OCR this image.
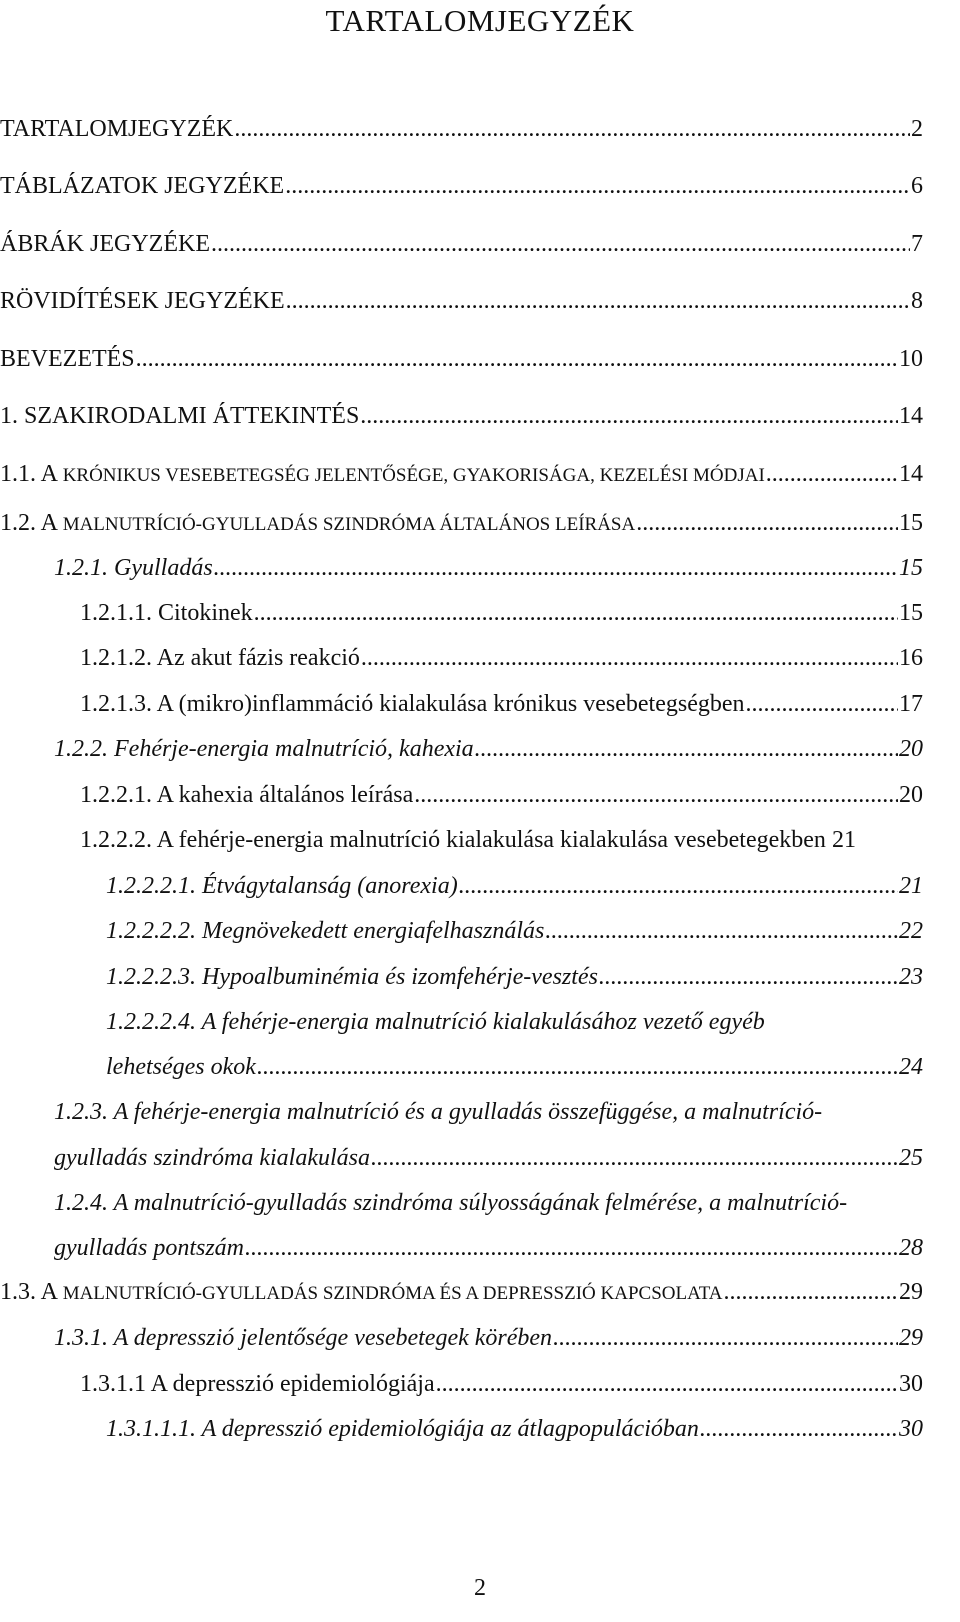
TARTALOMJEGYZÉK
TARTALOMJEGYZÉK .....	2
TÁBLÁZATOK JEGYZÉKE .....	6
ÁBRÁK JEGYZÉKE .....	7
RÖVIDÍTÉSEK JEGYZÉKE .....	8
BEVEZETÉS .....	10
1. SZAKIRODALMI ÁTTEKINTÉS .....	14
1.1. A KRÓNIKUS VESEBETEGSÉG JELENTŐSÉGE, GYAKORISÁGA, KEZELÉSI MÓDJAI .....	14
1.2. A MALNUTRÍCIÓ-GYULLADÁS SZINDRÓMA ÁLTALÁNOS LEÍRÁSA .....	15
1.2.1. Gyulladás .....	15
1.2.1.1. Citokinek .....	15
1.2.1.2. Az akut fázis reakció .....	16
1.2.1.3. A (mikro)inflammáció kialakulása krónikus vesebetegségben .....	17
1.2.2. Fehérje-energia malnutríció, kahexia .....	20
1.2.2.1. A kahexia általános leírása .....	20
1.2.2.2. A fehérje-energia malnutríció kialakulása kialakulása vesebetegekben 21
1.2.2.2.1. Étvágytalanság (anorexia) .....	21
1.2.2.2.2. Megnövekedett energiafelhasználás .....	22
1.2.2.2.3. Hypoalbuminémia és izomfehérje-vesztés .....	23
1.2.2.2.4. A fehérje-energia malnutríció kialakulásához vezető egyéb
lehetséges okok .....	24
1.2.3. A fehérje-energia malnutríció és a gyulladás összefüggése, a malnutríció-
gyulladás szindróma kialakulása .....	25
1.2.4. A malnutríció-gyulladás szindróma súlyosságának felmérése, a malnutríció-
gyulladás pontszám .....	28
1.3. A MALNUTRÍCIÓ-GYULLADÁS SZINDRÓMA ÉS A DEPRESSZIÓ KAPCSOLATA .....	29
1.3.1. A depresszió jelentősége vesebetegek körében .....	29
1.3.1.1 A depresszió epidemiológiája .....	30
1.3.1.1.1. A depresszió epidemiológiája az átlagpopulációban .....	30
2
